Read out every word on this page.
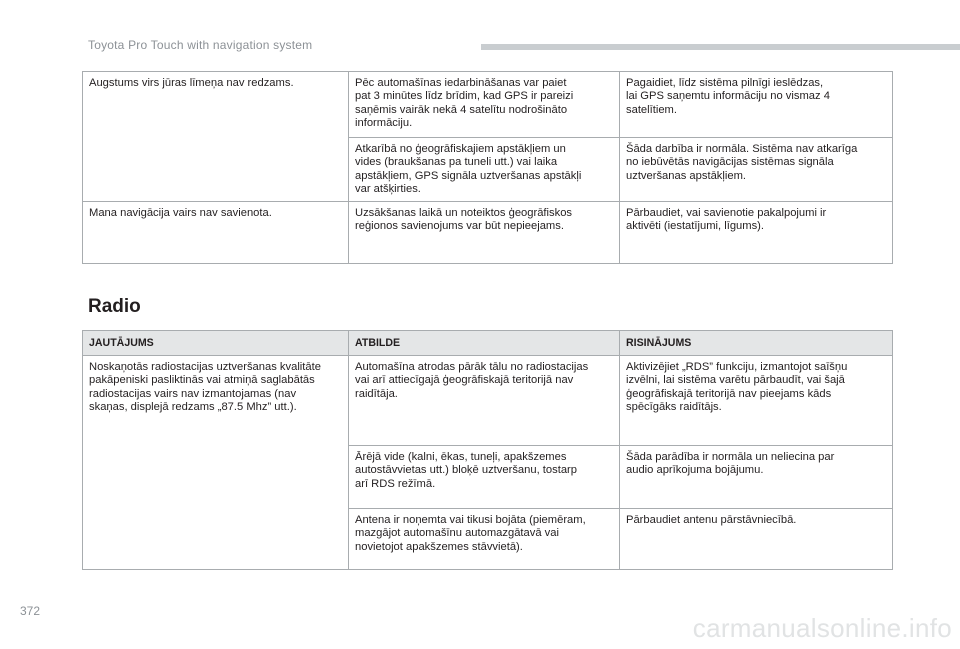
Toyota Pro Touch with navigation system
Augstums virs jūras līmeņa nav redzams.	Pēc automašīnas iedarbināšanas var paiet
pat 3 minūtes līdz brīdim, kad GPS ir pareizi
saņēmis vairāk nekā 4 satelītu nodrošināto
informāciju.	Pagaidiet, līdz sistēma pilnīgi ieslēdzas,
lai GPS saņemtu informāciju no vismaz 4
satelītiem.
	Atkarībā no ģeogrāfiskajiem apstākļiem un
vides (braukšanas pa tuneli utt.) vai laika
apstākļiem, GPS signāla uztveršanas apstākļi
var atšķirties.	Šāda darbība ir normāla. Sistēma nav atkarīga
no iebūvētās navigācijas sistēmas signāla
uztveršanas apstākļiem.
Mana navigācija vairs nav savienota.	Uzsākšanas laikā un noteiktos ģeogrāfiskos
reģionos savienojums var būt nepieejams.	Pārbaudiet, vai savienotie pakalpojumi ir
aktivēti (iestatījumi, līgums).
Radio
JAUTĀJUMS	ATBILDE	RISINĀJUMS
Noskaņotās radiostacijas uztveršanas kvalitāte
pakāpeniski pasliktinās vai atmiņā saglabātās
radiostacijas vairs nav izmantojamas (nav
skaņas, displejā redzams „87.5 Mhz” utt.).	Automašīna atrodas pārāk tālu no radiostacijas
vai arī attiecīgajā ģeogrāfiskajā teritorijā nav
raidītāja.	Aktivizējiet „RDS” funkciju, izmantojot saīšņu
izvēlni, lai sistēma varētu pārbaudīt, vai šajā
ģeogrāfiskajā teritorijā nav pieejams kāds
spēcīgāks raidītājs.
	Ārējā vide (kalni, ēkas, tuneļi, apakšzemes
autostāvvietas utt.) bloķē uztveršanu, tostarp
arī RDS režīmā.	Šāda parādība ir normāla un neliecina par
audio aprīkojuma bojājumu.
	Antena ir noņemta vai tikusi bojāta (piemēram,
mazgājot automašīnu automazgātavā vai
novietojot apakšzemes stāvvietā).	Pārbaudiet antenu pārstāvniecībā.
372
carmanualsonline.info
